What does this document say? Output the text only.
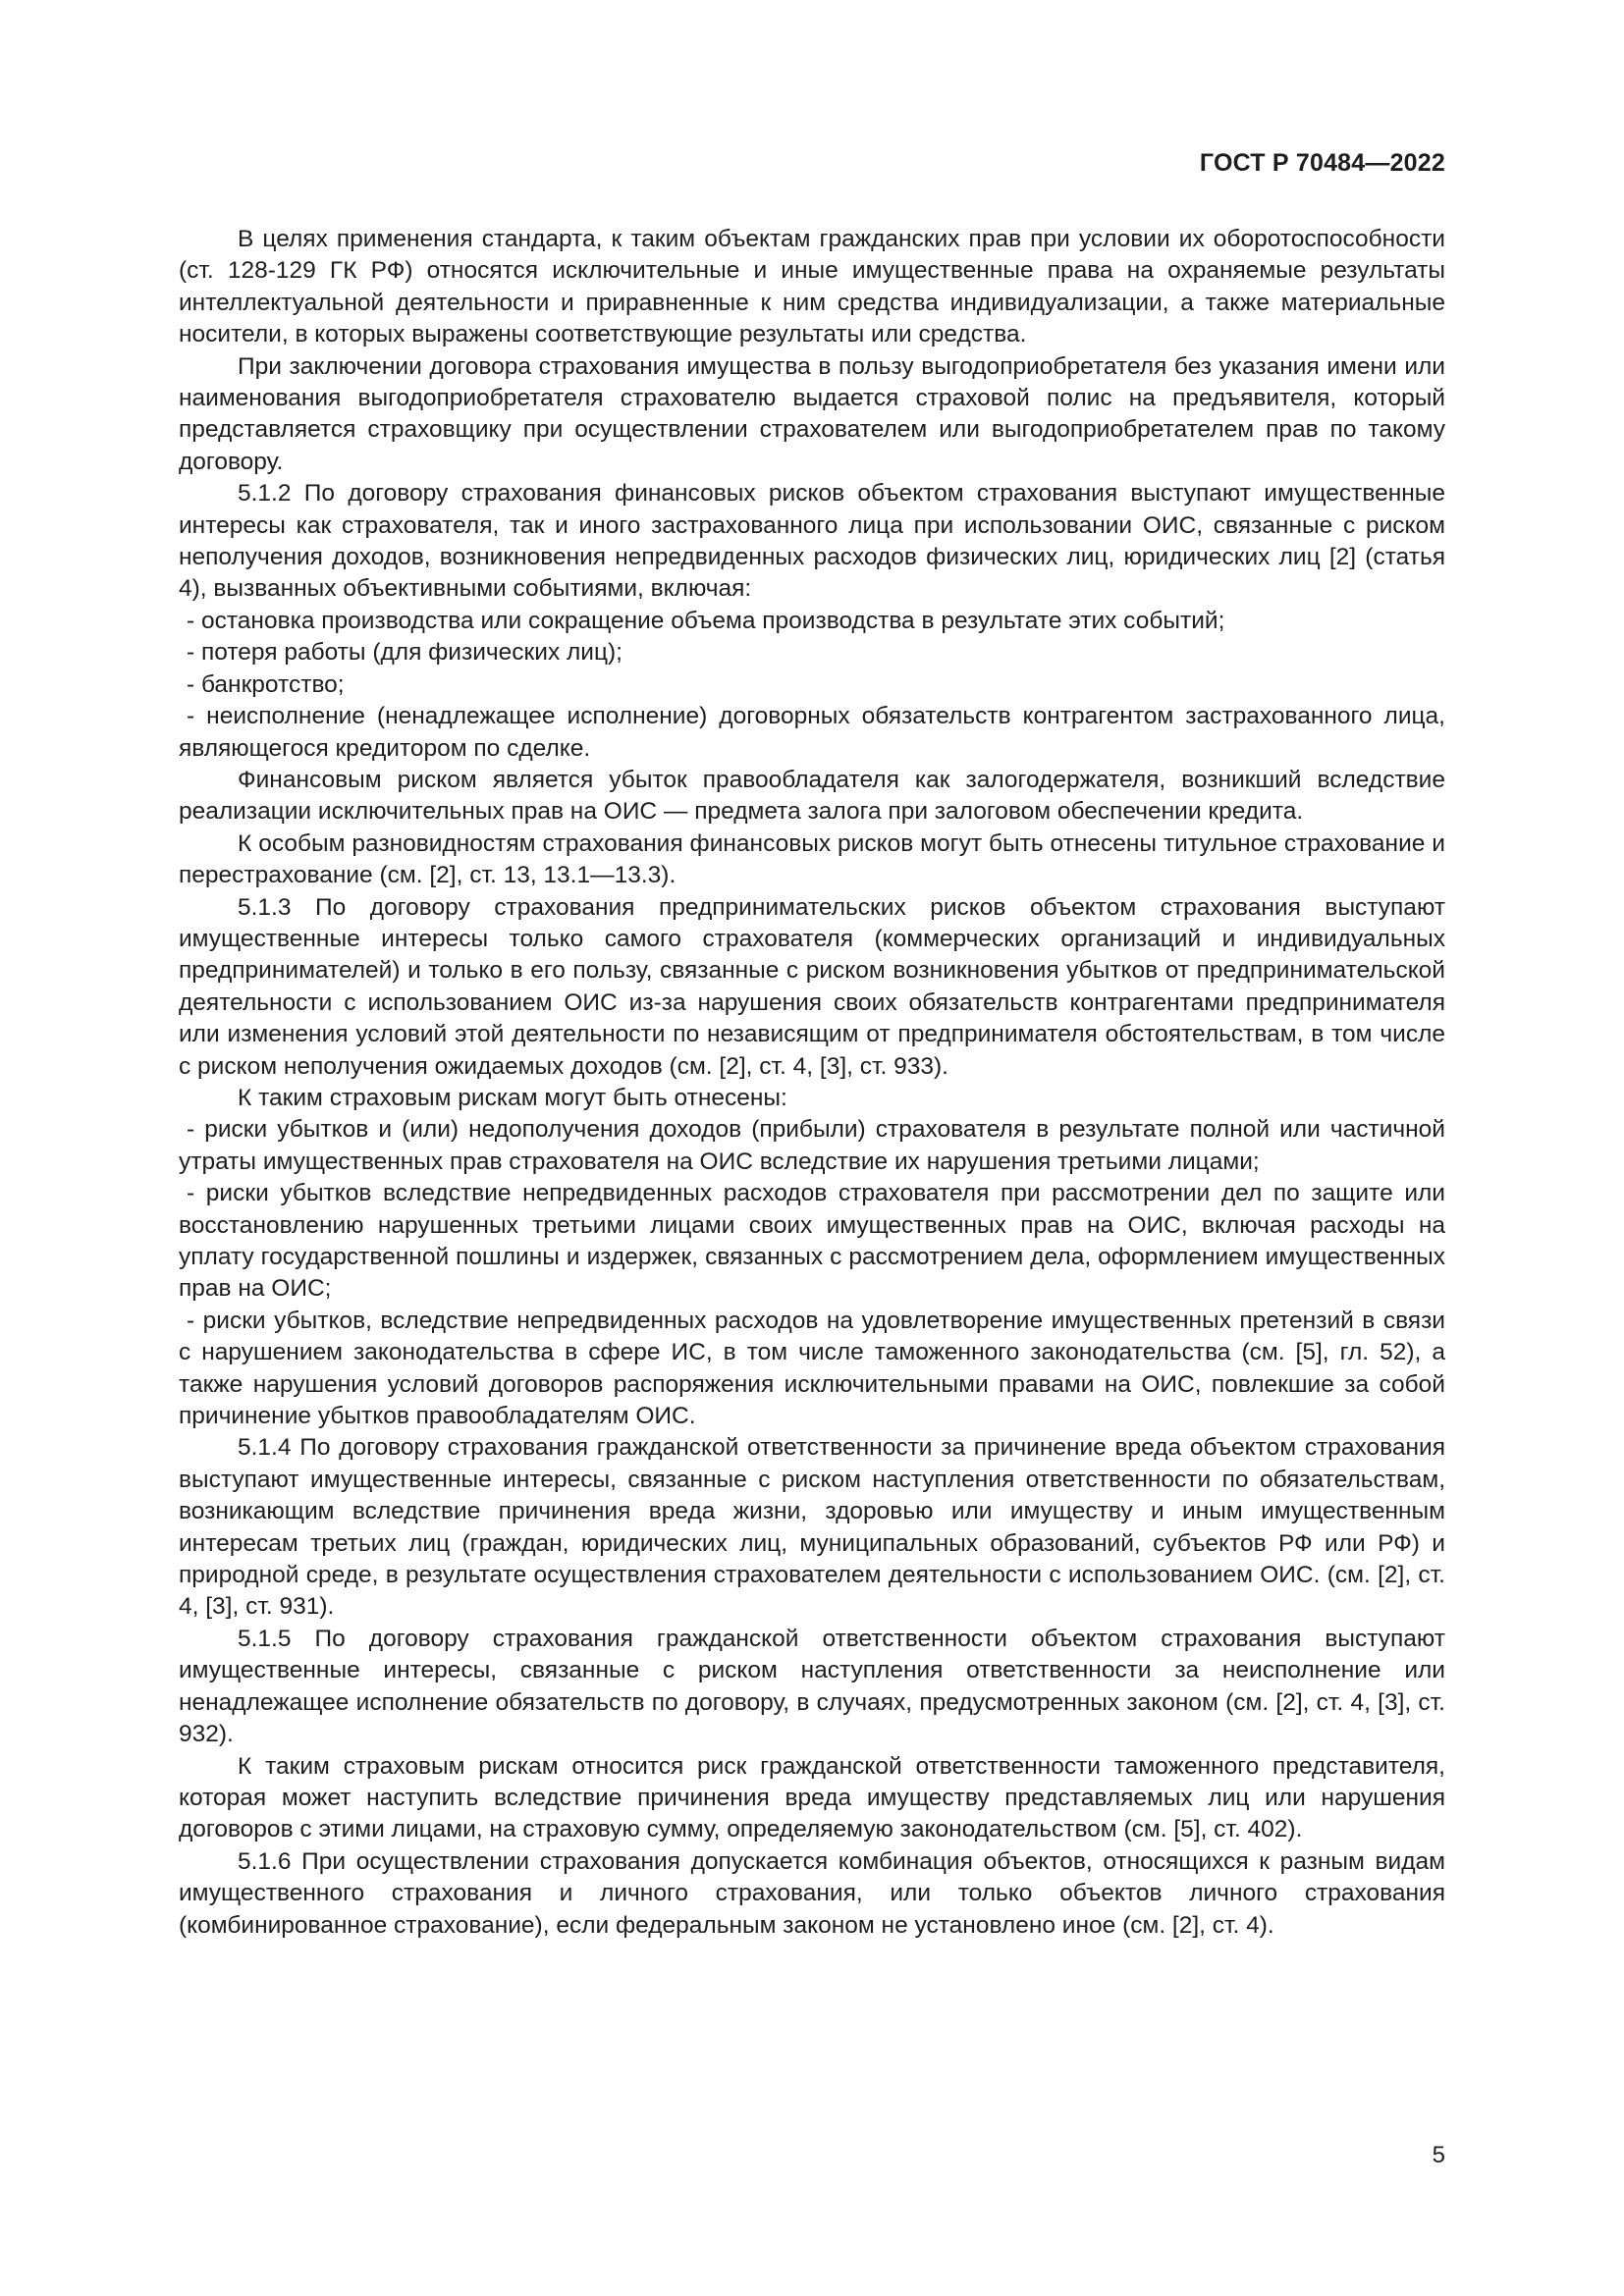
ГОСТ Р 70484—2022

В целях применения стандарта, к таким объектам гражданских прав при условии их оборотоспособности (ст. 128-129 ГК РФ) относятся исключительные и иные имущественные права на охраняемые результаты интеллектуальной деятельности и приравненные к ним средства индивидуализации, а также материальные носители, в которых выражены соответствующие результаты или средства.

При заключении договора страхования имущества в пользу выгодоприобретателя без указания имени или наименования выгодоприобретателя страхователю выдается страховой полис на предъявителя, который представляется страховщику при осуществлении страхователем или выгодоприобретателем прав по такому договору.

5.1.2 По договору страхования финансовых рисков объектом страхования выступают имущественные интересы как страхователя, так и иного застрахованного лица при использовании ОИС, связанные с риском неполучения доходов, возникновения непредвиденных расходов физических лиц, юридических лиц [2] (статья 4), вызванных объективными событиями, включая:

- остановка производства или сокращение объема производства в результате этих событий;

- потеря работы (для физических лиц);

- банкротство;

- неисполнение (ненадлежащее исполнение) договорных обязательств контрагентом застрахованного лица, являющегося кредитором по сделке.

Финансовым риском является убыток правообладателя как залогодержателя, возникший вследствие реализации исключительных прав на ОИС — предмета залога при залоговом обеспечении кредита.

К особым разновидностям страхования финансовых рисков могут быть отнесены титульное страхование и перестрахование (см. [2], ст. 13, 13.1—13.3).

5.1.3 По договору страхования предпринимательских рисков объектом страхования выступают имущественные интересы только самого страхователя (коммерческих организаций и индивидуальных предпринимателей) и только в его пользу, связанные с риском возникновения убытков от предпринимательской деятельности с использованием ОИС из-за нарушения своих обязательств контрагентами предпринимателя или изменения условий этой деятельности по независящим от предпринимателя обстоятельствам, в том числе с риском неполучения ожидаемых доходов (см. [2], ст. 4, [3], ст. 933).

К таким страховым рискам могут быть отнесены:

- риски убытков и (или) недополучения доходов (прибыли) страхователя в результате полной или частичной утраты имущественных прав страхователя на ОИС вследствие их нарушения третьими лицами;

- риски убытков вследствие непредвиденных расходов страхователя при рассмотрении дел по защите или восстановлению нарушенных третьими лицами своих имущественных прав на ОИС, включая расходы на уплату государственной пошлины и издержек, связанных с рассмотрением дела, оформлением имущественных прав на ОИС;

- риски убытков, вследствие непредвиденных расходов на удовлетворение имущественных претензий в связи с нарушением законодательства в сфере ИС, в том числе таможенного законодательства (см. [5], гл. 52), а также нарушения условий договоров распоряжения исключительными правами на ОИС, повлекшие за собой причинение убытков правообладателям ОИС.

5.1.4 По договору страхования гражданской ответственности за причинение вреда объектом страхования выступают имущественные интересы, связанные с риском наступления ответственности по обязательствам, возникающим вследствие причинения вреда жизни, здоровью или имуществу и иным имущественным интересам третьих лиц (граждан, юридических лиц, муниципальных образований, субъектов РФ или РФ) и природной среде, в результате осуществления страхователем деятельности с использованием ОИС. (см. [2], ст. 4, [3], ст. 931).

5.1.5 По договору страхования гражданской ответственности объектом страхования выступают имущественные интересы, связанные с риском наступления ответственности за неисполнение или ненадлежащее исполнение обязательств по договору, в случаях, предусмотренных законом (см. [2], ст. 4, [3], ст. 932).

К таким страховым рискам относится риск гражданской ответственности таможенного представителя, которая может наступить вследствие причинения вреда имуществу представляемых лиц или нарушения договоров с этими лицами, на страховую сумму, определяемую законодательством (см. [5], ст. 402).

5.1.6 При осуществлении страхования допускается комбинация объектов, относящихся к разным видам имущественного страхования и личного страхования, или только объектов личного страхования (комбинированное страхование), если федеральным законом не установлено иное (см. [2], ст. 4).

5
